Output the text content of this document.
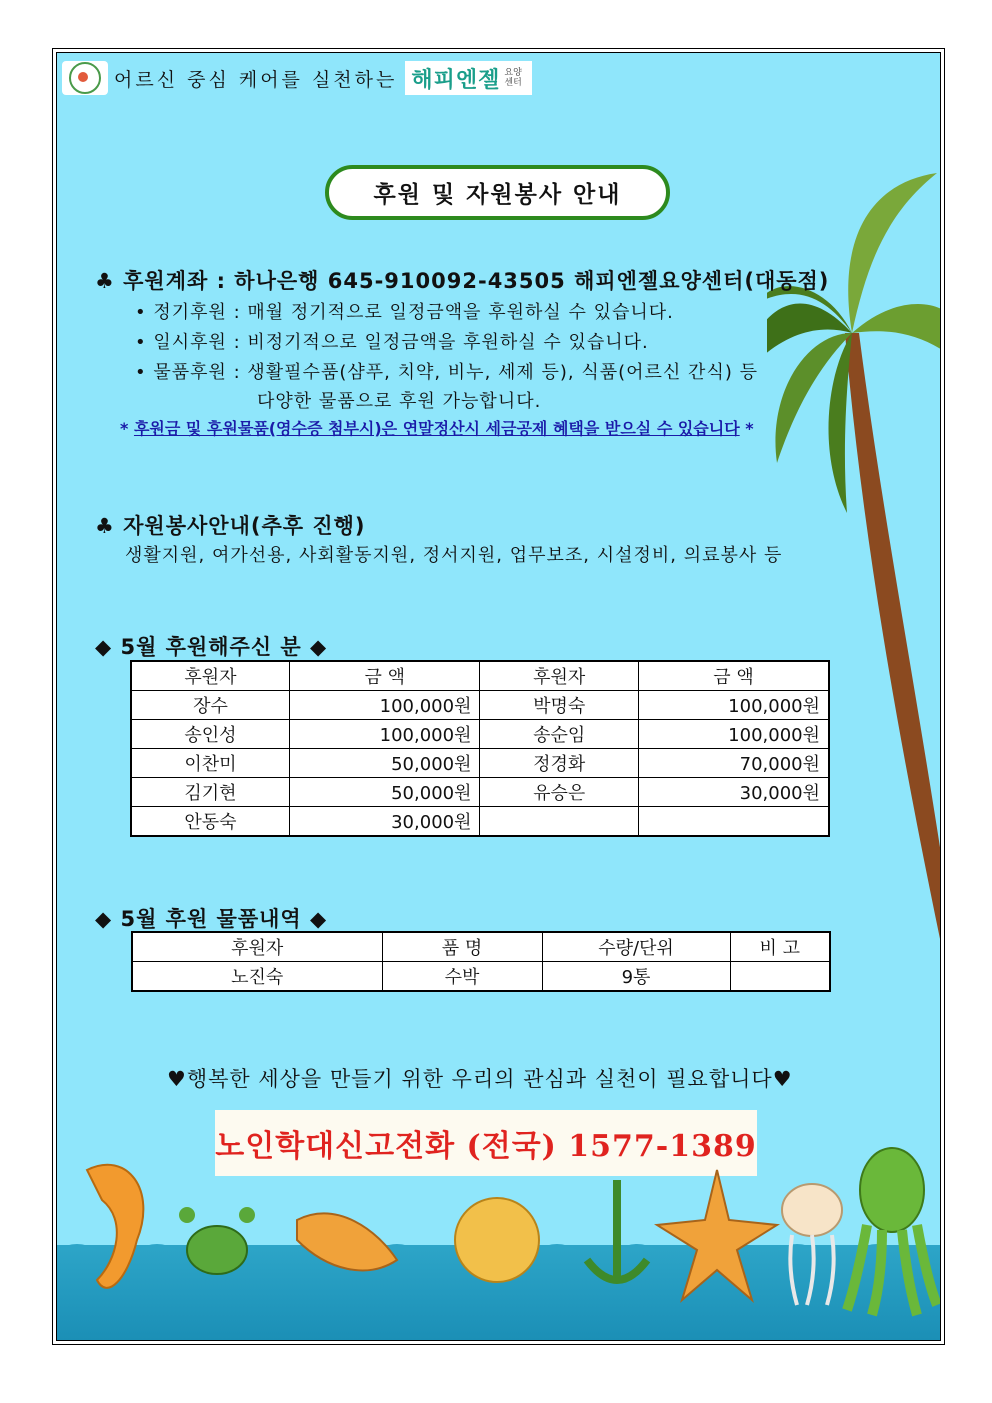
어르신 중심 케어를 실천하는 해피엔젤 요양센터
후원 및 자원봉사 안내
♣ 후원계좌 : 하나은행 645-910092-43505 해피엔젤요양센터(대동점)
• 정기후원 : 매월 정기적으로 일정금액을 후원하실 수 있습니다.
• 일시후원 : 비정기적으로 일정금액을 후원하실 수 있습니다.
• 물품후원 : 생활필수품(샴푸, 치약, 비누, 세제 등), 식품(어르신 간식) 등
다양한 물품으로 후원 가능합니다.
* 후원금 및 후원물품(영수증 첨부시)은 연말정산시 세금공제 혜택을 받으실 수 있습니다 *
♣ 자원봉사안내(추후 진행)
생활지원, 여가선용, 사회활동지원, 정서지원, 업무보조, 시설정비, 의료봉사 등
◆ 5월 후원해주신 분 ◆
후원자	금 액	후원자	금 액
장수	100,000원	박명숙	100,000원
송인성	100,000원	송순임	100,000원
이찬미	50,000원	정경화	70,000원
김기현	50,000원	유승은	30,000원
안동숙	30,000원		
◆ 5월 후원 물품내역 ◆
후원자	품 명	수량/단위	비 고
노진숙	수박	9통	
♥행복한 세상을 만들기 위한 우리의 관심과 실천이 필요합니다♥
노인학대신고전화 (전국) 1577-1389
